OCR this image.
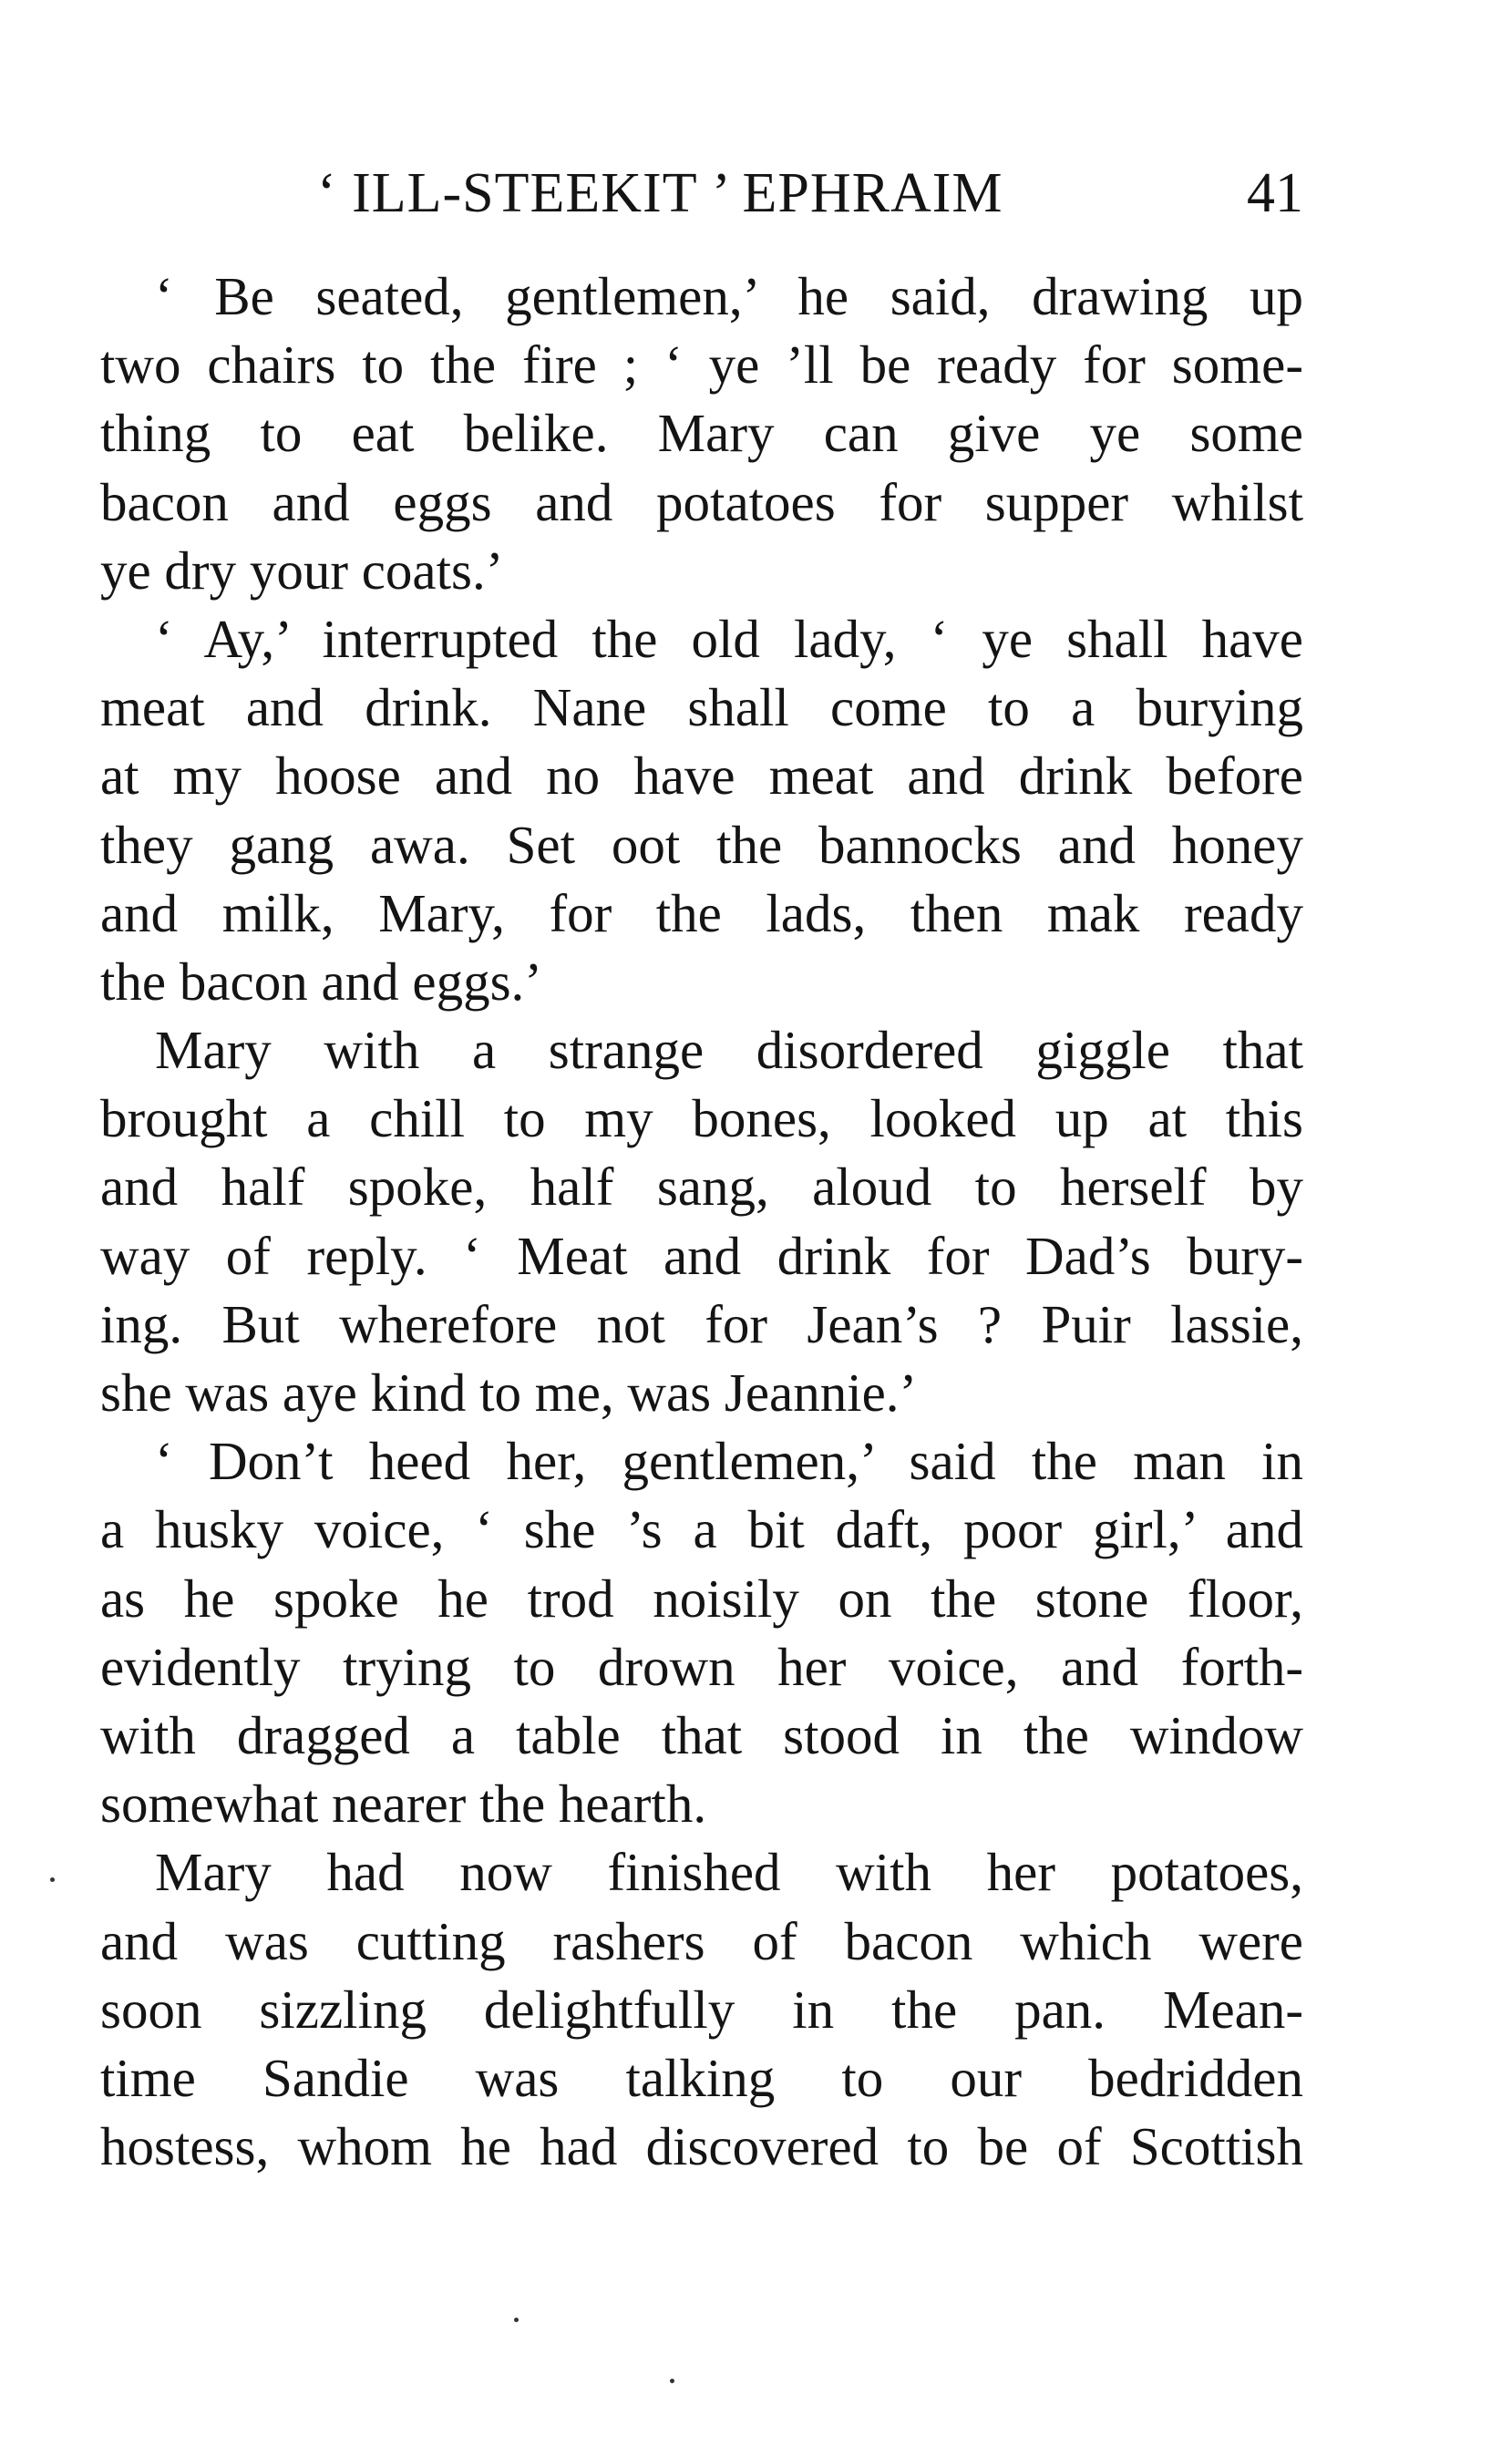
‘ ILL-STEEKIT ’ EPHRAIM	41
‘ Be seated, gentlemen,’ he said, drawing up
two chairs to the fire ; ‘ ye ’ll be ready for some-
thing to eat belike. Mary can give ye some
bacon and eggs and potatoes for supper whilst
ye dry your coats.’
‘ Ay,’ interrupted the old lady, ‘ ye shall have
meat and drink. Nane shall come to a burying
at my hoose and no have meat and drink before
they gang awa. Set oot the bannocks and honey
and milk, Mary, for the lads, then mak ready
the bacon and eggs.’
Mary with a strange disordered giggle that
brought a chill to my bones, looked up at this
and half spoke, half sang, aloud to herself by
way of reply. ‘ Meat and drink for Dad’s bury-
ing. But wherefore not for Jean’s ? Puir lassie,
she was aye kind to me, was Jeannie.’
‘ Don’t heed her, gentlemen,’ said the man in
a husky voice, ‘ she ’s a bit daft, poor girl,’ and
as he spoke he trod noisily on the stone floor,
evidently trying to drown her voice, and forth-
with dragged a table that stood in the window
somewhat nearer the hearth.
Mary had now finished with her potatoes,
and was cutting rashers of bacon which were
soon sizzling delightfully in the pan. Mean-
time Sandie was talking to our bedridden
hostess, whom he had discovered to be of Scottish
